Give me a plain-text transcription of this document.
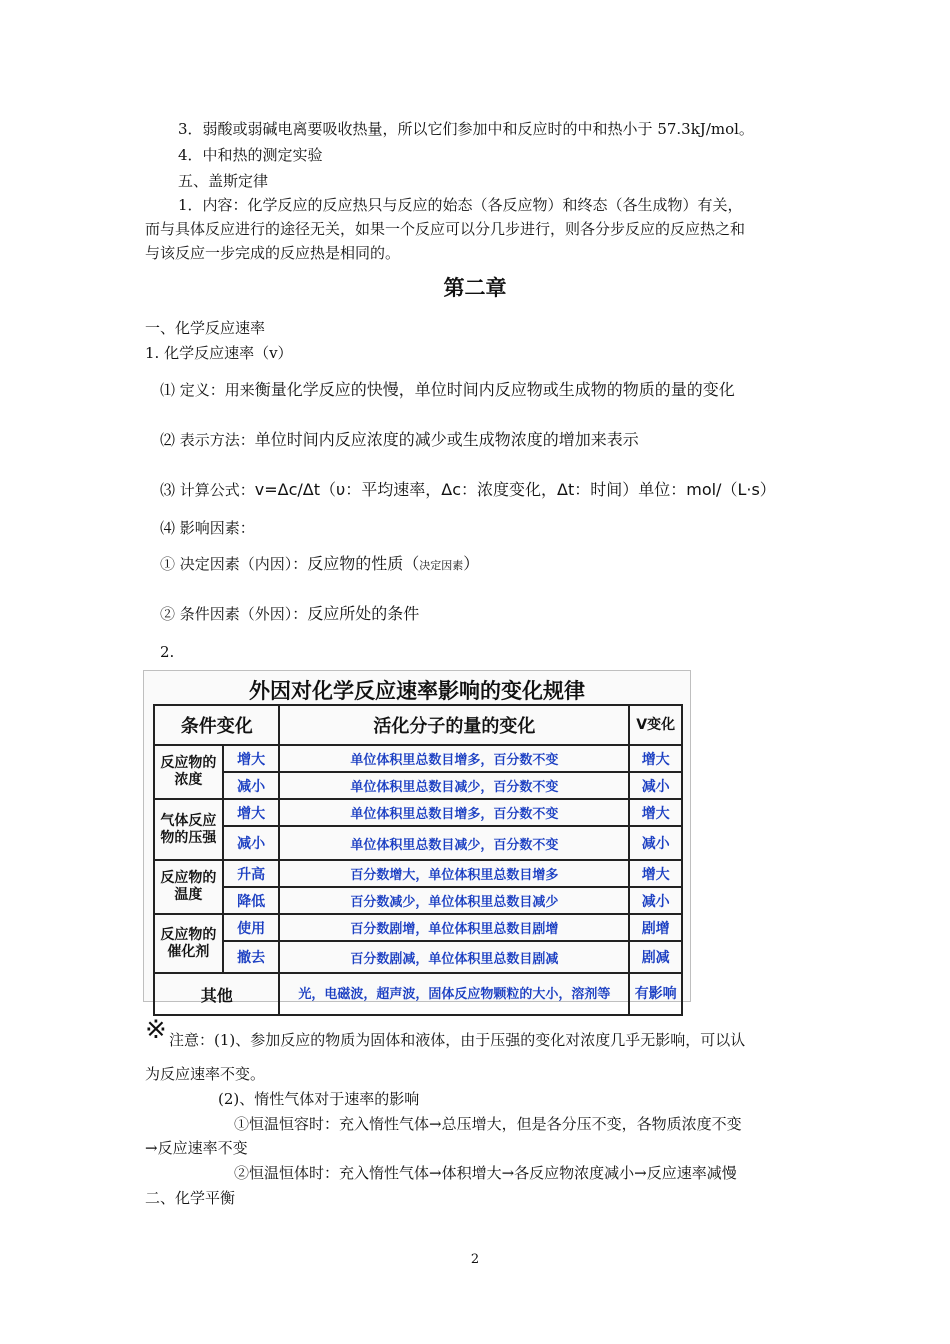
3．弱酸或弱碱电离要吸收热量，所以它们参加中和反应时的中和热小于 57.3kJ/mol。
4．中和热的测定实验
五、盖斯定律
1．内容：化学反应的反应热只与反应的始态（各反应物）和终态（各生成物）有关，
而与具体反应进行的途径无关，如果一个反应可以分几步进行，则各分步反应的反应热之和
与该反应一步完成的反应热是相同的。
第二章
一、化学反应速率
1. 化学反应速率（v）
⑴ 定义：用来衡量化学反应的快慢，单位时间内反应物或生成物的物质的量的变化
⑵ 表示方法：单位时间内反应浓度的减少或生成物浓度的增加来表示
⑶ 计算公式：v=Δc/Δt（υ：平均速率，Δc：浓度变化，Δt：时间）单位：mol/（L·s）
⑷ 影响因素：
① 决定因素（内因）：反应物的性质（决定因素）
② 条件因素（外因）：反应所处的条件
2.
外因对化学反应速率影响的变化规律
条件变化		活化分子的量的变化	V变化
反应物的浓度	增大	单位体积里总数目增多，百分数不变	增大
	减小	单位体积里总数目减少，百分数不变	减小
气体反应物的压强	增大	单位体积里总数目增多，百分数不变	增大
	减小	单位体积里总数目减少，百分数不变	减小
反应物的温度	升高	百分数增大，单位体积里总数目增多	增大
	降低	百分数减少，单位体积里总数目减少	减小
反应物的催化剂	使用	百分数剧增，单位体积里总数目剧增	剧增
	撤去	百分数剧减，单位体积里总数目剧减	剧减
其他		光，电磁波，超声波，固体反应物颗粒的大小，溶剂等	有影响
※ 注意：(1)、参加反应的物质为固体和液体，由于压强的变化对浓度几乎无影响，可以认
为反应速率不变。
(2)、惰性气体对于速率的影响
①恒温恒容时：充入惰性气体→总压增大，但是各分压不变，各物质浓度不变
→反应速率不变
②恒温恒体时：充入惰性气体→体积增大→各反应物浓度减小→反应速率减慢
二、化学平衡
2
